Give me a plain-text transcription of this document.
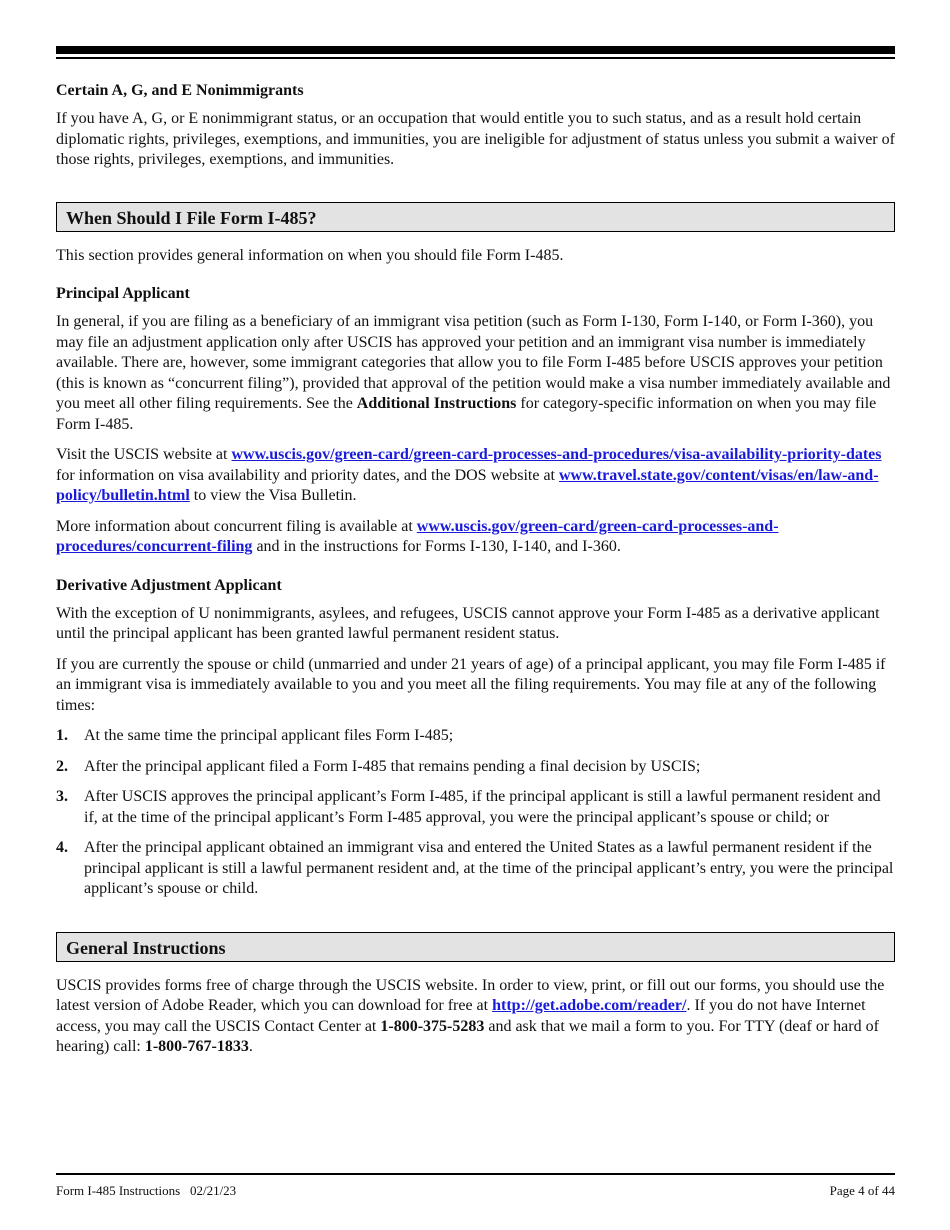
Certain A, G, and E Nonimmigrants

If you have A, G, or E nonimmigrant status, or an occupation that would entitle you to such status, and as a result hold certain diplomatic rights, privileges, exemptions, and immunities, you are ineligible for adjustment of status unless you submit a waiver of those rights, privileges, exemptions, and immunities.

When Should I File Form I-485?

This section provides general information on when you should file Form I-485.

Principal Applicant

In general, if you are filing as a beneficiary of an immigrant visa petition (such as Form I-130, Form I-140, or Form I-360), you may file an adjustment application only after USCIS has approved your petition and an immigrant visa number is immediately available. There are, however, some immigrant categories that allow you to file Form I-485 before USCIS approves your petition (this is known as “concurrent filing”), provided that approval of the petition would make a visa number immediately available and you meet all other filing requirements. See the Additional Instructions for category-specific information on when you may file Form I-485.

Visit the USCIS website at www.uscis.gov/green-card/green-card-processes-and-procedures/visa-availability-priority-dates for information on visa availability and priority dates, and the DOS website at www.travel.state.gov/content/visas/en/law-and-policy/bulletin.html to view the Visa Bulletin.

More information about concurrent filing is available at www.uscis.gov/green-card/green-card-processes-and-procedures/concurrent-filing and in the instructions for Forms I-130, I-140, and I-360.

Derivative Adjustment Applicant

With the exception of U nonimmigrants, asylees, and refugees, USCIS cannot approve your Form I-485 as a derivative applicant until the principal applicant has been granted lawful permanent resident status.

If you are currently the spouse or child (unmarried and under 21 years of age) of a principal applicant, you may file Form I-485 if an immigrant visa is immediately available to you and you meet all the filing requirements. You may file at any of the following times:

1.	At the same time the principal applicant files Form I-485;
2.	After the principal applicant filed a Form I-485 that remains pending a final decision by USCIS;
3.	After USCIS approves the principal applicant’s Form I-485, if the principal applicant is still a lawful permanent resident and if, at the time of the principal applicant’s Form I-485 approval, you were the principal applicant’s spouse or child; or
4.	After the principal applicant obtained an immigrant visa and entered the United States as a lawful permanent resident if the principal applicant is still a lawful permanent resident and, at the time of the principal applicant’s entry, you were the principal applicant’s spouse or child.
General Instructions

USCIS provides forms free of charge through the USCIS website. In order to view, print, or fill out our forms, you should use the latest version of Adobe Reader, which you can download for free at http://get.adobe.com/reader/. If you do not have Internet access, you may call the USCIS Contact Center at 1-800-375-5283 and ask that we mail a form to you. For TTY (deaf or hard of hearing) call: 1-800-767-1833.

Form I-485 Instructions   02/21/23	Page 4 of 44
